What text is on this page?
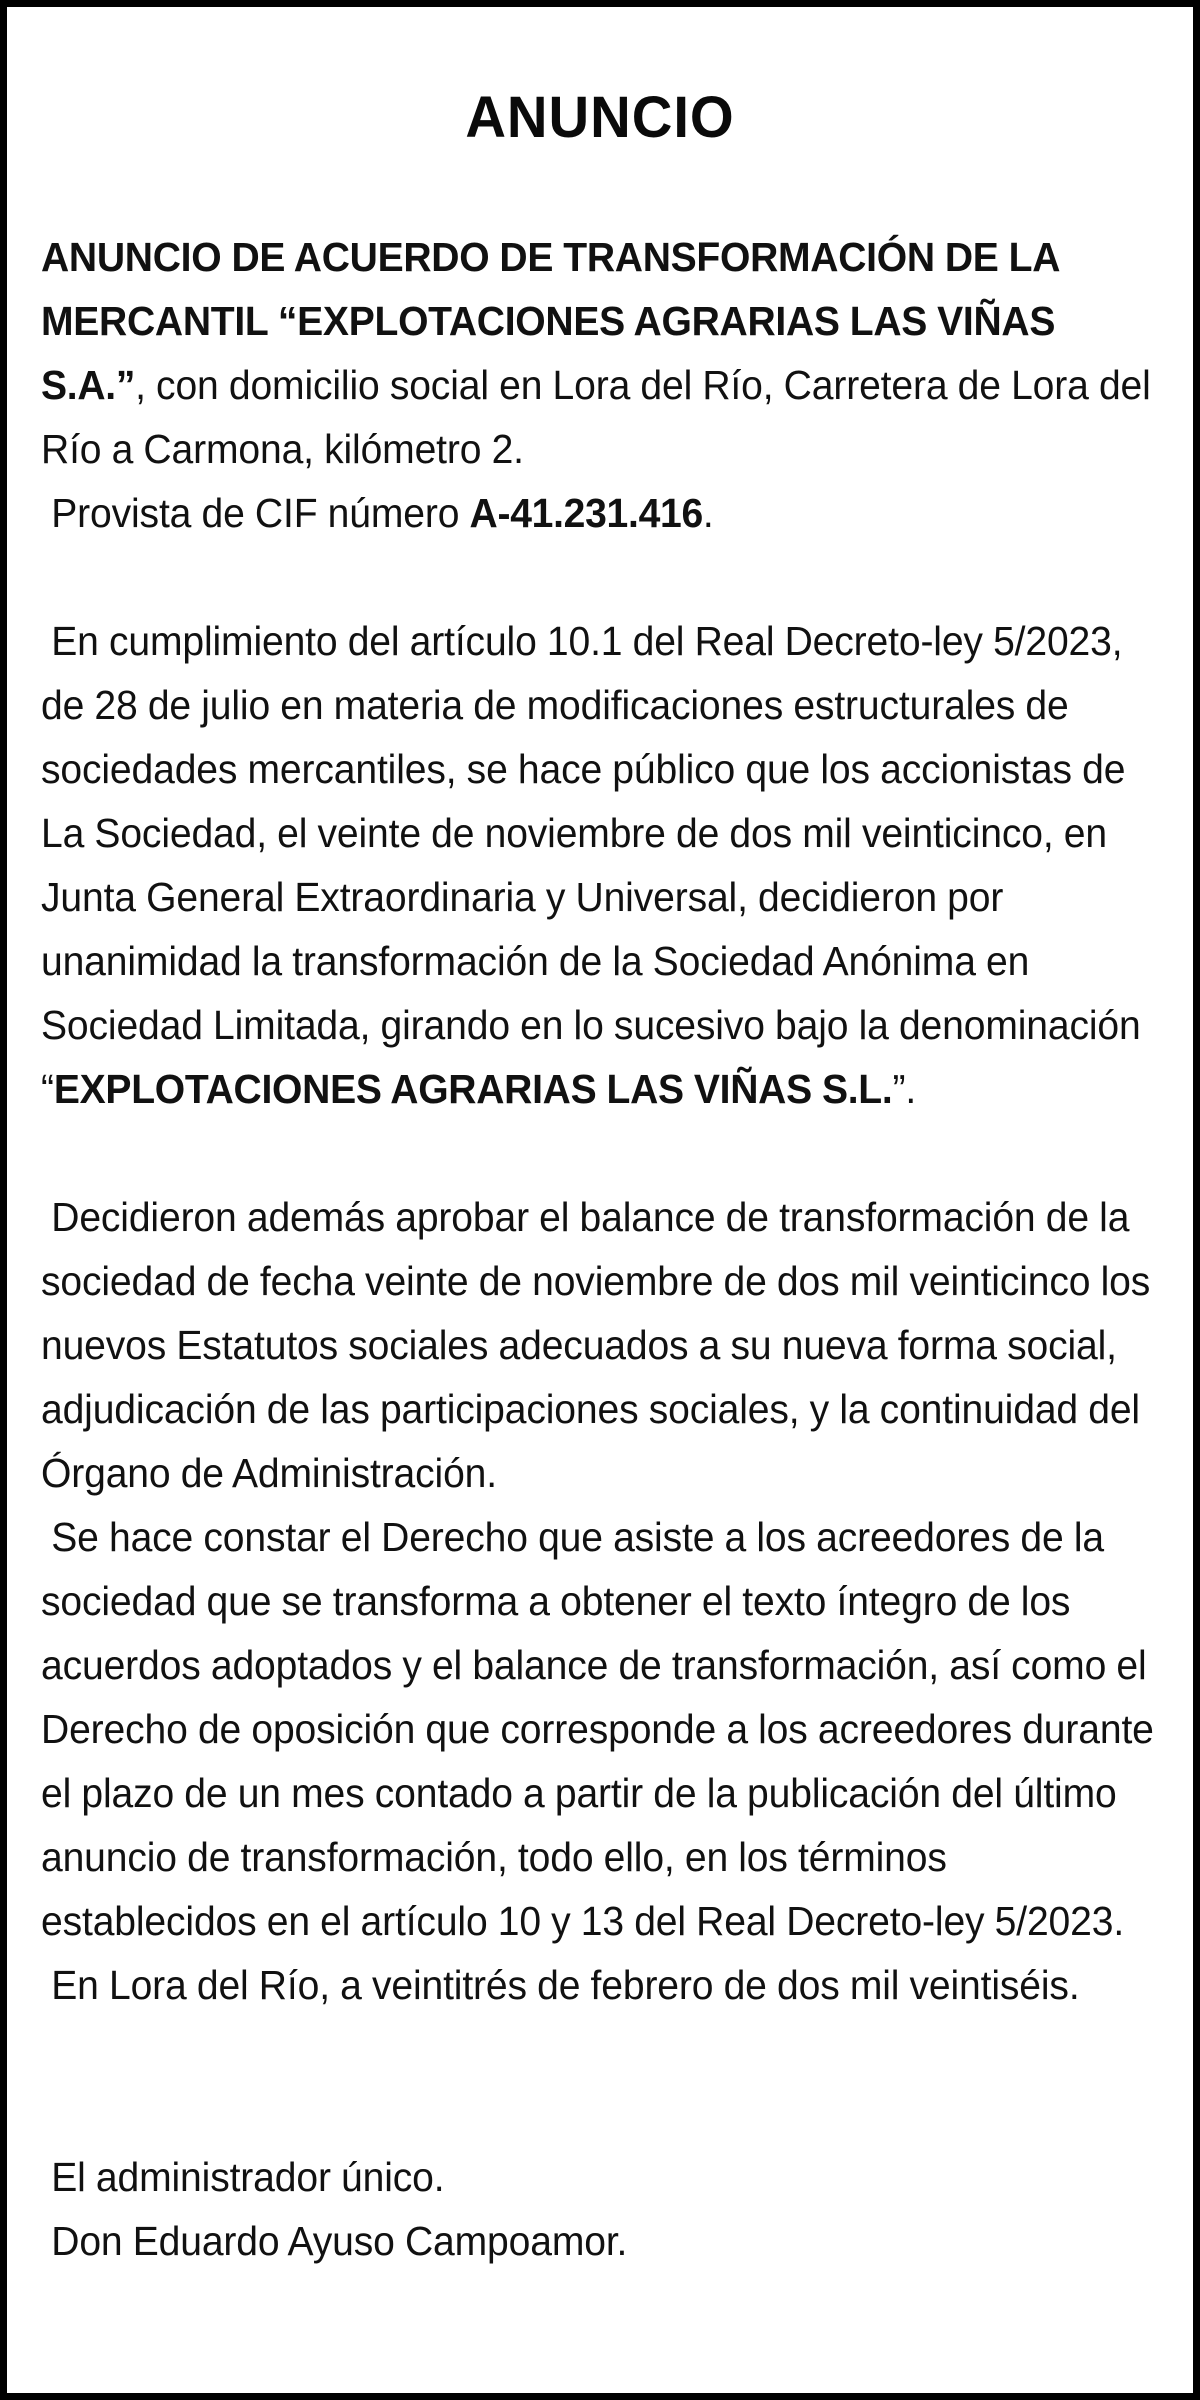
ANUNCIO

ANUNCIO DE ACUERDO DE TRANSFORMACIÓN DE LA MERCANTIL “EXPLOTACIONES AGRARIAS LAS VIÑAS S.A.”, con domicilio social en Lora del Río, Carretera de Lora del Río a Carmona, kilómetro 2.

Provista de CIF número A-41.231.416.

En cumplimiento del artículo 10.1 del Real Decreto-ley 5/2023, de 28 de julio en materia de modificaciones estructurales de sociedades mercantiles, se hace público que los accionistas de La Sociedad, el veinte de noviembre de dos mil veinticinco, en Junta General Extraordinaria y Universal, decidieron por unanimidad la transformación de la Sociedad Anónima en Sociedad Limitada, girando en lo sucesivo bajo la denominación “EXPLOTACIONES AGRARIAS LAS VIÑAS S.L.”.

Decidieron además aprobar el balance de transformación de la sociedad de fecha veinte de noviembre de dos mil veinticinco los nuevos Estatutos sociales adecuados a su nueva forma social, adjudicación de las participaciones sociales, y la continuidad del Órgano de Administración.

Se hace constar el Derecho que asiste a los acreedores de la sociedad que se transforma a obtener el texto íntegro de los acuerdos adoptados y el balance de transformación, así como el Derecho de oposición que corresponde a los acreedores durante el plazo de un mes contado a partir de la publicación del último anuncio de transformación, todo ello, en los términos establecidos en el artículo 10 y 13 del Real Decreto-ley 5/2023.

En Lora del Río, a veintitrés de febrero de dos mil veintiséis.

El administrador único.

Don Eduardo Ayuso Campoamor.
